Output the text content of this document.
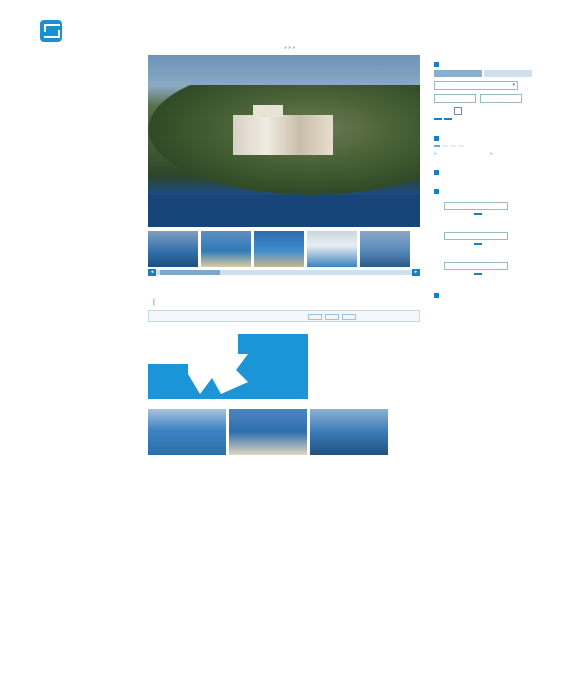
» » »
◂	▸
|
▾

»
»
